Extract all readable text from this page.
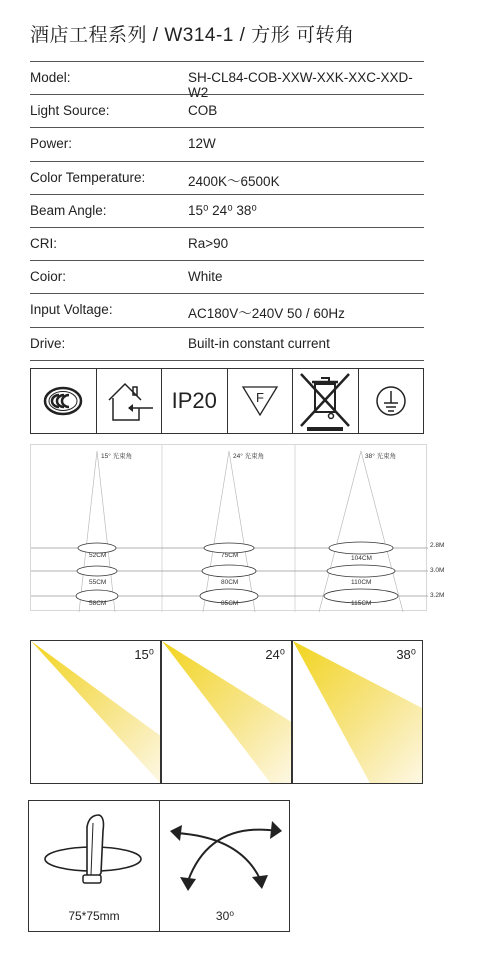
酒店工程系列 / W314-1 / 方形 可转角
Model:	SH-CL84-COB-XXW-XXK-XXC-XXD-W2
Light Source:	COB
Power:	12W
Color Temperature:	2400K～6500K
Beam Angle:	15⁰ 24⁰ 38⁰
CRI:	Ra>90
Coior:	White
Input Voltage:	AC180V～240V 50 / 60Hz
Drive:	Built-in constant current
IP20	F
15° 光束角	24° 光束角	38° 光束角
52CM
55CM
58CM
75CM
80CM
85CM
104CM
110CM
115CM
2.8M
3.0M
3.2M
15⁰	24⁰	38⁰
75*75mm	30⁰
